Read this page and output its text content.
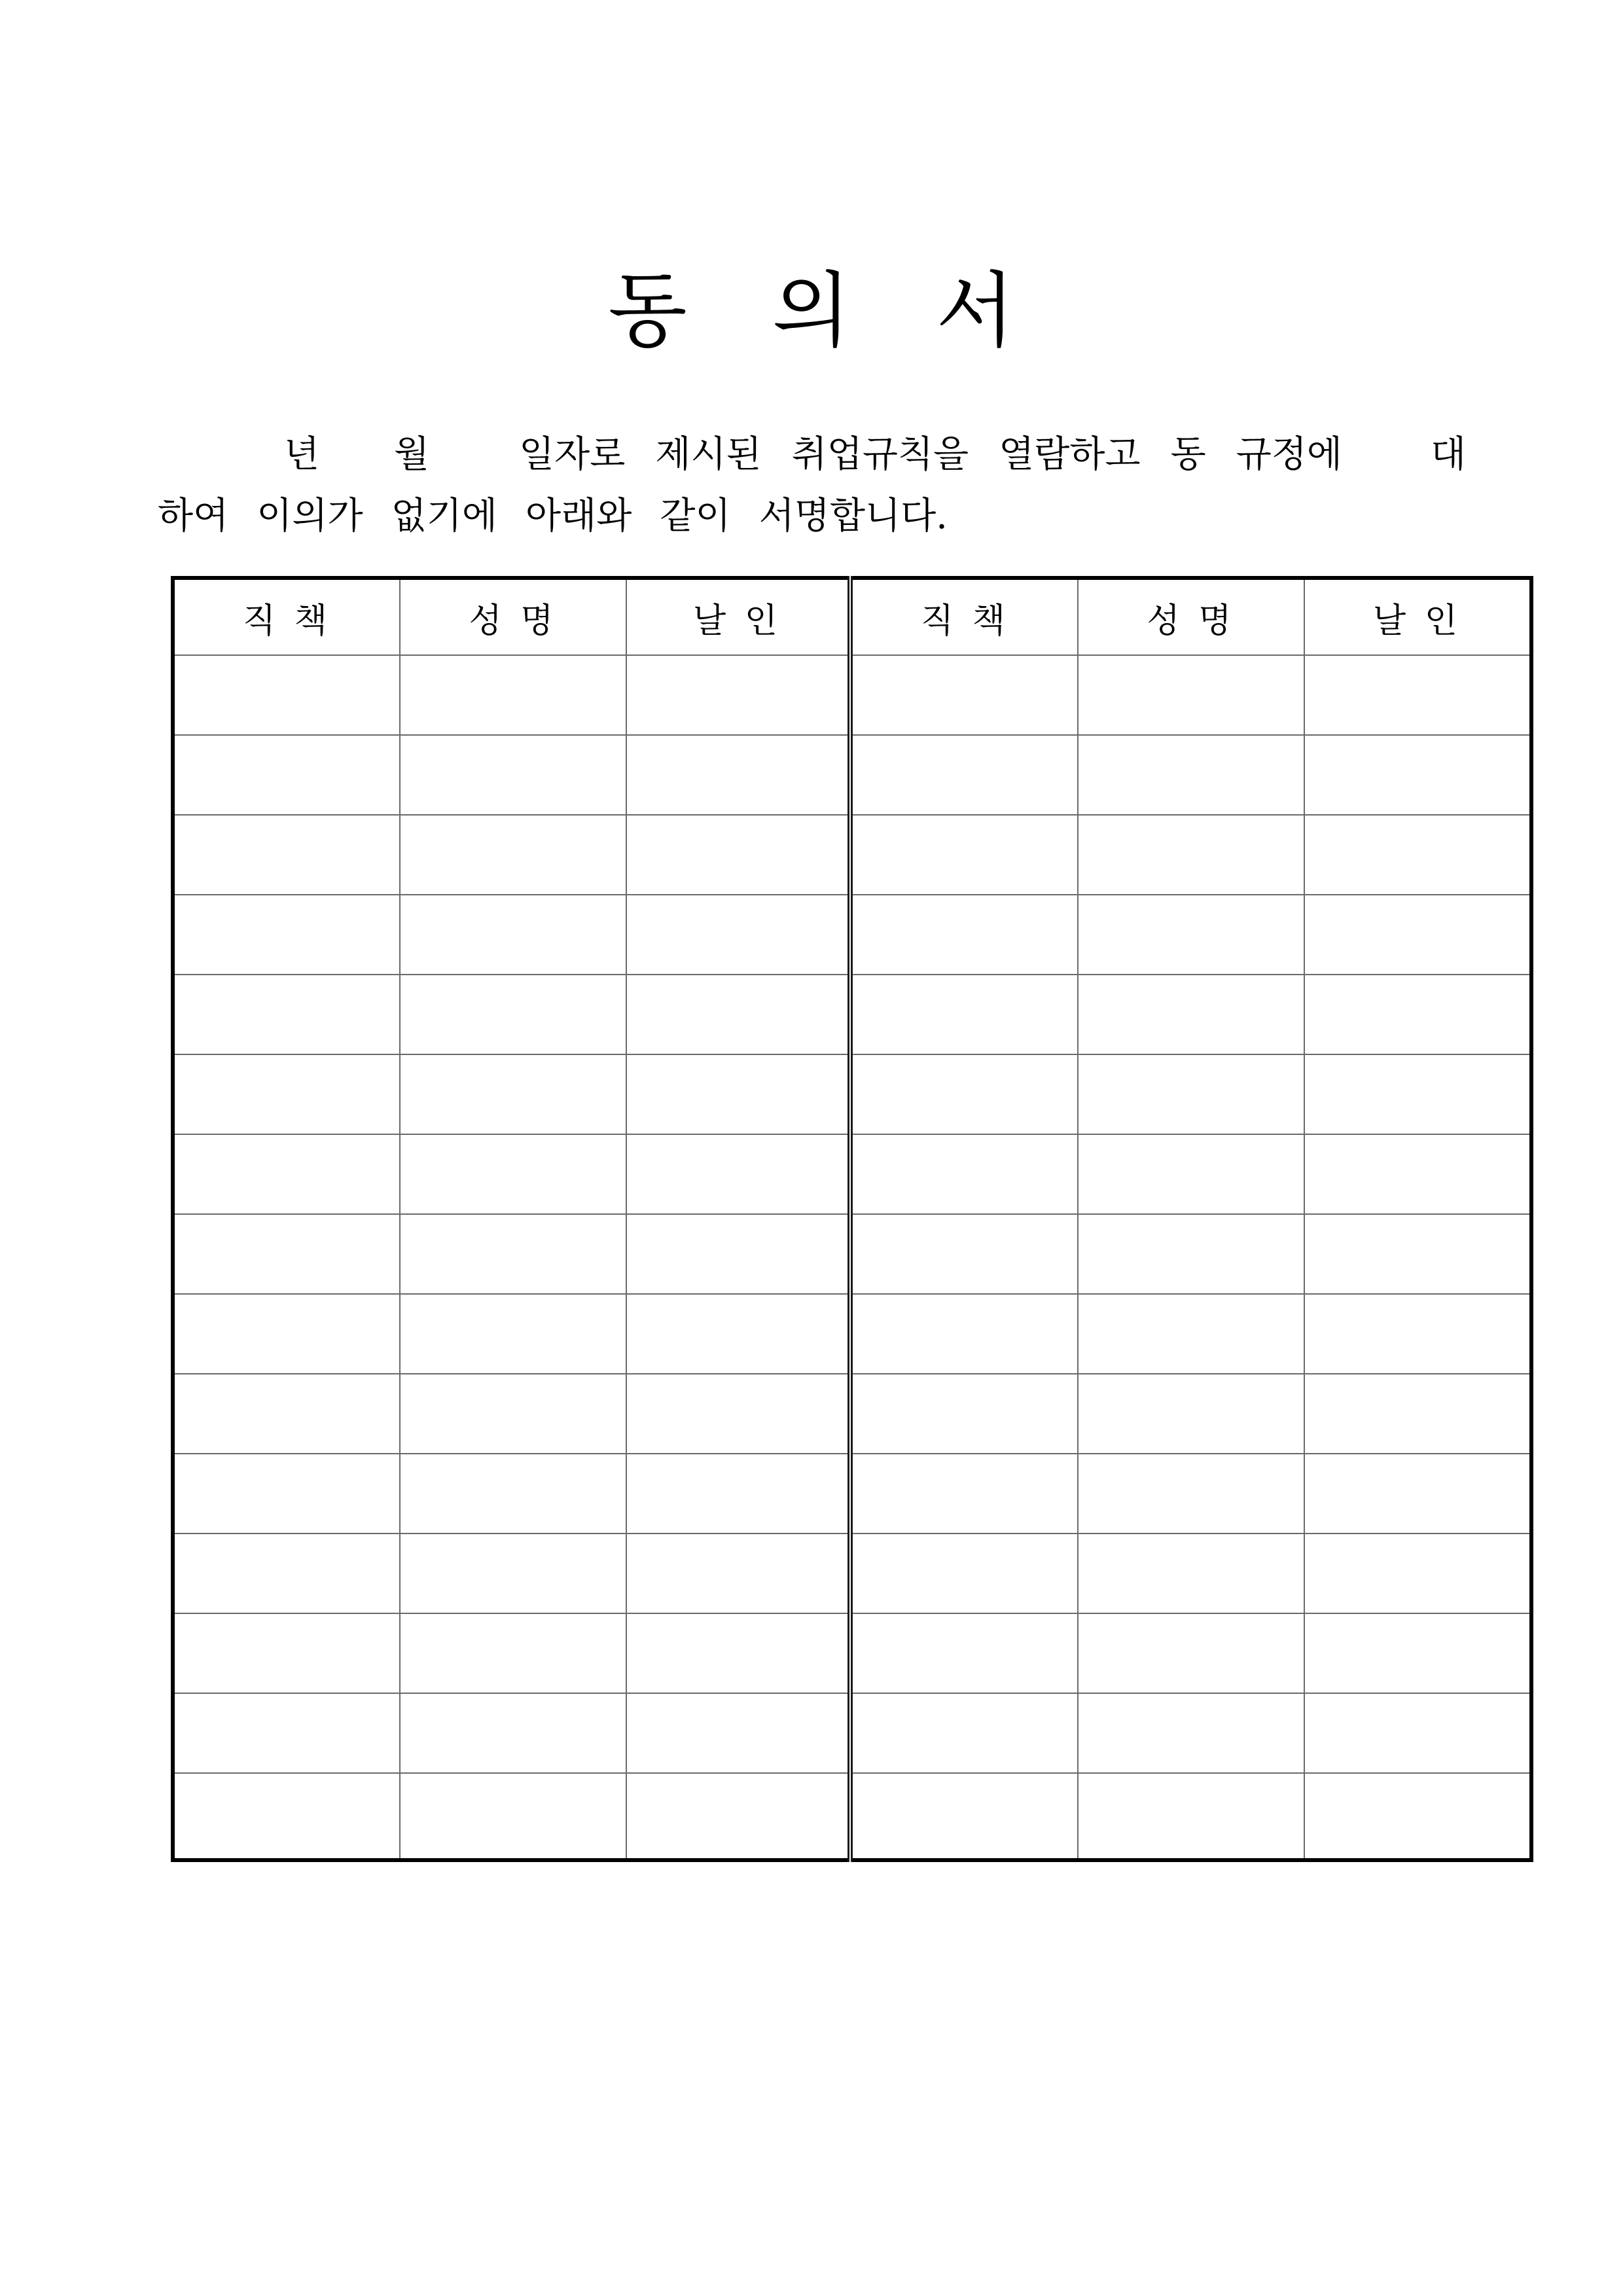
동 의 서
년 월 일자로 제시된 취업규칙을 열람하고 동 규정에 대
하여 이의가 없기에 아래와 같이 서명합니다.
직 책	성 명	날 인	직 책	성 명	날 인
